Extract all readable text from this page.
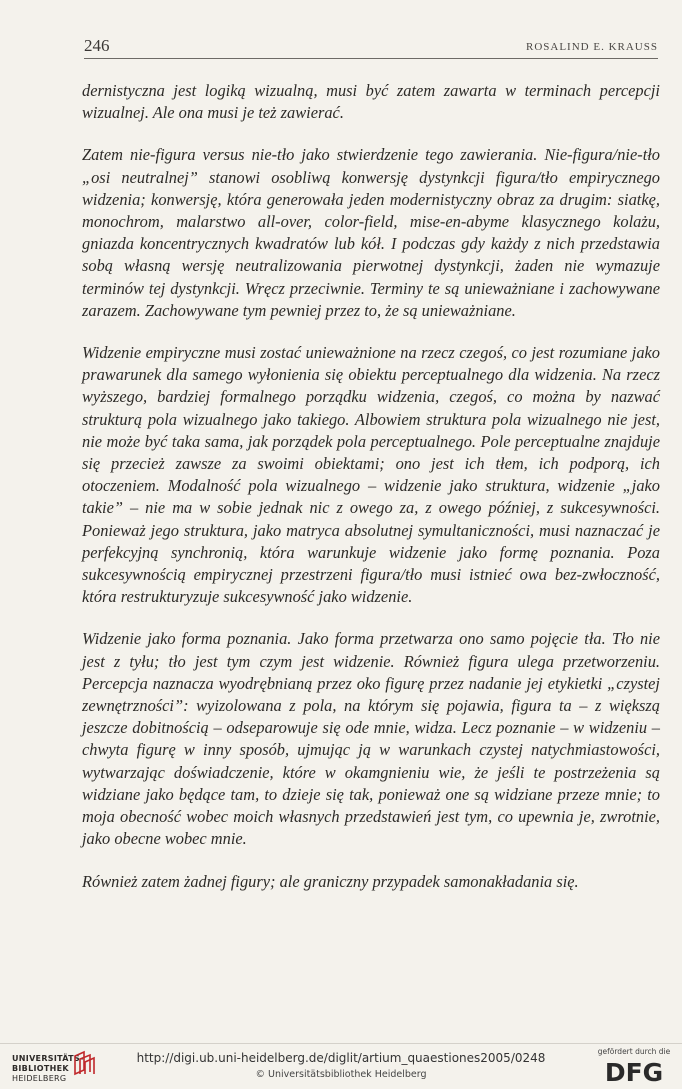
246	ROSALIND E. KRAUSS

dernistyczna jest logiką wizualną, musi być zatem zawarta w terminach percepcji wizualnej. Ale ona musi je też zawierać.

Zatem nie-figura versus nie-tło jako stwierdzenie tego zawierania. Nie-figura/nie-tło „osi neutralnej” stanowi osobliwą konwersję dystynkcji figura/tło empirycznego widzenia; konwersję, która generowała jeden modernistyczny obraz za drugim: siatkę, monochrom, malarstwo all-over, color-field, mise-en-abyme klasycznego kolażu, gniazda koncentrycznych kwadratów lub kół. I podczas gdy każdy z nich przedstawia sobą własną wersję neutralizowania pierwotnej dystynkcji, żaden nie wymazuje terminów tej dystynkcji. Wręcz przeciwnie. Terminy te są unieważniane i zachowywane zarazem. Zachowywane tym pewniej przez to, że są unieważniane.

Widzenie empiryczne musi zostać unieważnione na rzecz czegoś, co jest rozumiane jako prawarunek dla samego wyłonienia się obiektu perceptualnego dla widzenia. Na rzecz wyższego, bardziej formalnego porządku widzenia, czegoś, co można by nazwać strukturą pola wizualnego jako takiego. Albowiem struktura pola wizualnego nie jest, nie może być taka sama, jak porządek pola perceptualnego. Pole perceptualne znajduje się przecież zawsze za swoimi obiektami; ono jest ich tłem, ich podporą, ich otoczeniem. Modalność pola wizualnego – widzenie jako struktura, widzenie „jako takie” – nie ma w sobie jednak nic z owego za, z owego później, z sukcesywności. Ponieważ jego struktura, jako matryca absolutnej symultaniczności, musi naznaczać je perfekcyjną synchronią, która warunkuje widzenie jako formę poznania. Poza sukcesywnością empirycznej przestrzeni figura/tło musi istnieć owa bez-zwłoczność, która restrukturyzuje sukcesywność jako widzenie.

Widzenie jako forma poznania. Jako forma przetwarza ono samo pojęcie tła. Tło nie jest z tyłu; tło jest tym czym jest widzenie. Również figura ulega przetworzeniu. Percepcja naznacza wyodrębnianą przez oko figurę przez nadanie jej etykietki „czystej zewnętrzności”: wyizolowana z pola, na którym się pojawia, figura ta – z większą jeszcze dobitnością – odseparowuje się ode mnie, widza. Lecz poznanie – w widzeniu – chwyta figurę w inny sposób, ujmując ją w warunkach czystej natychmiastowości, wytwarzając doświadczenie, które w okamgnieniu wie, że jeśli te postrzeżenia są widziane jako będące tam, to dzieje się tak, ponieważ one są widziane przeze mnie; to moja obecność wobec moich własnych przedstawień jest tym, co upewnia je, zwrotnie, jako obecne wobec mnie.

Również zatem żadnej figury; ale graniczny przypadek samonakładania się.

UNIVERSITÄTS-
BIBLIOTHEK
HEIDELBERG
http://digi.ub.uni-heidelberg.de/diglit/artium_quaestiones2005/0248
© Universitätsbibliothek Heidelberg
gefördert durch die
DFG
